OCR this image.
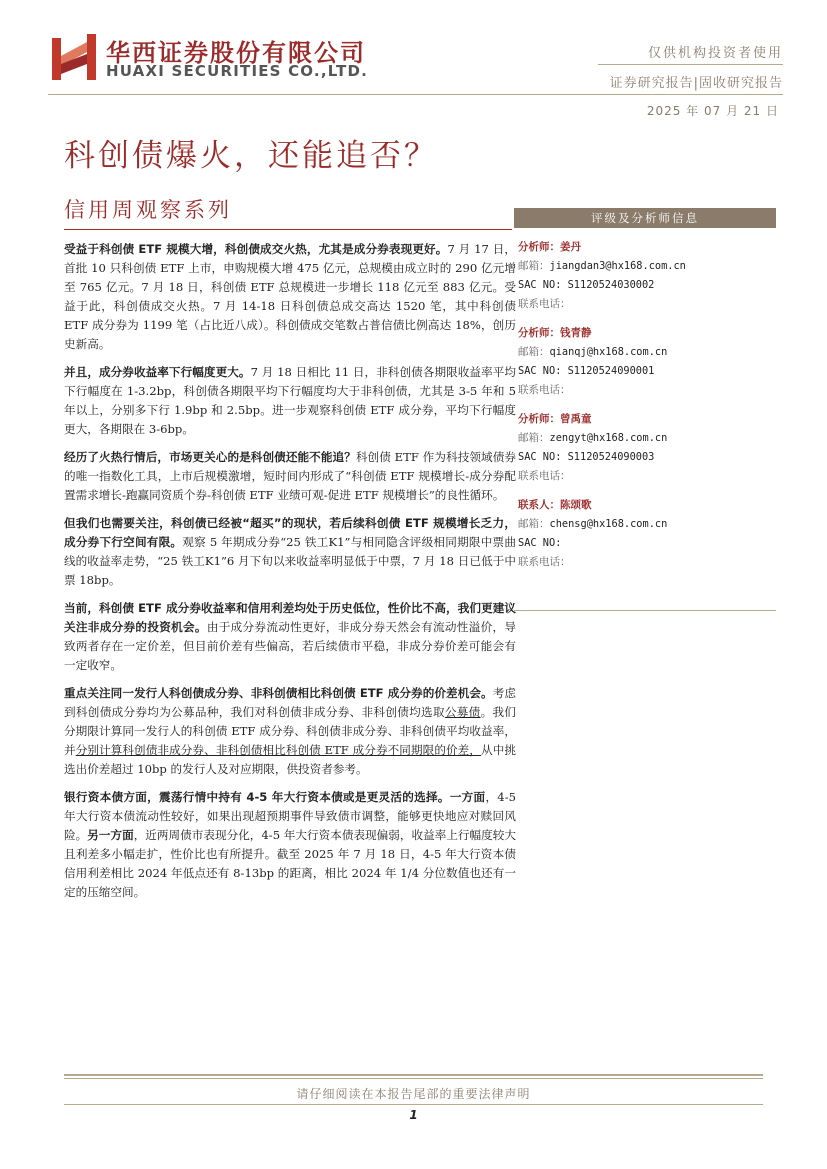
华西证券股份有限公司
HUAXI SECURITIES CO.,LTD.
仅供机构投资者使用
证券研究报告|固收研究报告
2025 年 07 月 21 日
科创债爆火，还能追否？
信用周观察系列

受益于科创债 ETF 规模大增，科创债成交火热，尤其是成分券表现更好。7 月 17 日，首批 10 只科创债 ETF 上市，申购规模大增 475 亿元，总规模由成立时的 290 亿元增至 765 亿元。7 月 18 日，科创债 ETF 总规模进一步增长 118 亿元至 883 亿元。受益于此，科创债成交火热。7 月 14-18 日科创债总成交高达 1520 笔，其中科创债 ETF 成分券为 1199 笔（占比近八成）。科创债成交笔数占普信债比例高达 18%，创历史新高。

并且，成分券收益率下行幅度更大。7 月 18 日相比 11 日，非科创债各期限收益率平均下行幅度在 1-3.2bp，科创债各期限平均下行幅度均大于非科创债，尤其是 3-5 年和 5 年以上，分别多下行 1.9bp 和 2.5bp。进一步观察科创债 ETF 成分券，平均下行幅度更大，各期限在 3-6bp。

经历了火热行情后，市场更关心的是科创债还能不能追？科创债 ETF 作为科技领域债券的唯一指数化工具，上市后规模激增，短时间内形成了“科创债 ETF 规模增长-成分券配置需求增长-跑赢同资质个券-科创债 ETF 业绩可观-促进 ETF 规模增长”的良性循环。

但我们也需要关注，科创债已经被“超买”的现状，若后续科创债 ETF 规模增长乏力，成分券下行空间有限。观察 5 年期成分券“25 铁工K1”与相同隐含评级相同期限中票曲线的收益率走势，“25 铁工K1”6 月下旬以来收益率明显低于中票，7 月 18 日已低于中票 18bp。

当前，科创债 ETF 成分券收益率和信用利差均处于历史低位，性价比不高，我们更建议关注非成分券的投资机会。由于成分券流动性更好，非成分券天然会有流动性溢价，导致两者存在一定价差，但目前价差有些偏高，若后续债市平稳，非成分券价差可能会有一定收窄。

重点关注同一发行人科创债成分券、非科创债相比科创债 ETF 成分券的价差机会。考虑到科创债成分券均为公募品种，我们对科创债非成分券、非科创债均选取公募债。我们分期限计算同一发行人的科创债 ETF 成分券、科创债非成分券、非科创债平均收益率，并分别计算科创债非成分券、非科创债相比科创债 ETF 成分券不同期限的价差，从中挑选出价差超过 10bp 的发行人及对应期限，供投资者参考。

银行资本债方面，震荡行情中持有 4-5 年大行资本债或是更灵活的选择。一方面，4-5 年大行资本债流动性较好，如果出现超预期事件导致债市调整，能够更快地应对赎回风险。另一方面，近两周债市表现分化，4-5 年大行资本债表现偏弱，收益率上行幅度较大且利差多小幅走扩，性价比也有所提升。截至 2025 年 7 月 18 日，4-5 年大行资本债信用利差相比 2024 年低点还有 8-13bp 的距离，相比 2024 年 1/4 分位数值也还有一定的压缩空间。

评级及分析师信息
分析师：姜丹
邮箱：jiangdan3@hx168.com.cn
SAC NO: S1120524030002
联系电话：
分析师：钱青静
邮箱：qianqj@hx168.com.cn
SAC NO: S1120524090001
联系电话：
分析师：曾禹童
邮箱：zengyt@hx168.com.cn
SAC NO: S1120524090003
联系电话：
联系人：陈颂歌
邮箱：chensg@hx168.com.cn
SAC NO:
联系电话：
请仔细阅读在本报告尾部的重要法律声明
1
